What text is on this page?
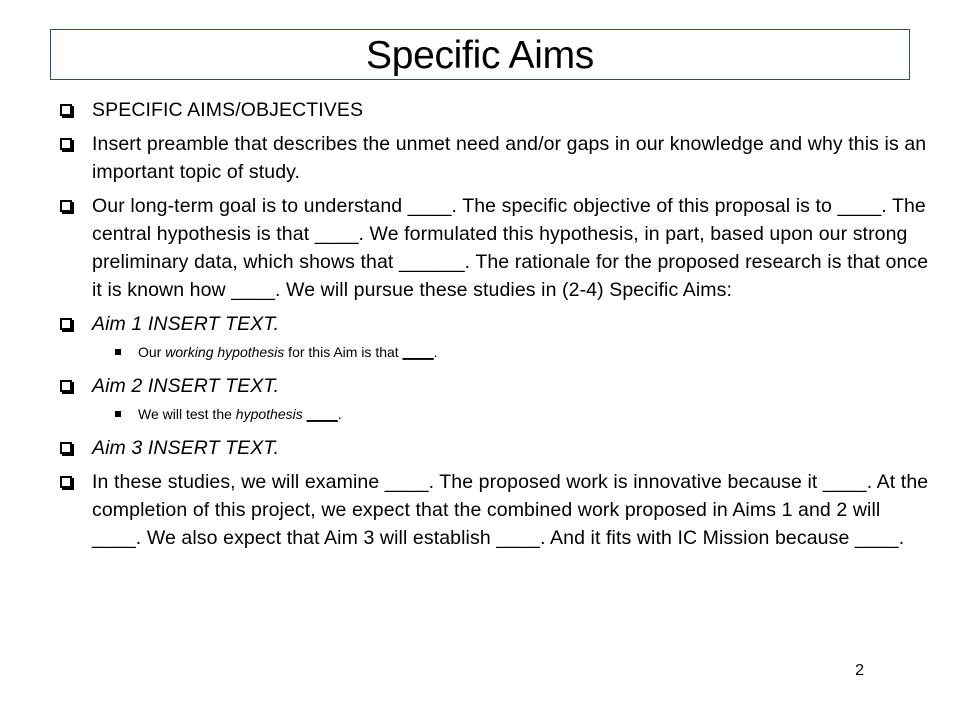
Specific Aims
SPECIFIC AIMS/OBJECTIVES
Insert preamble that describes the unmet need and/or gaps in our knowledge and why this is an important topic of study.
Our long-term goal is to understand ____. The specific objective of this proposal is to ____. The central hypothesis is that ____. We formulated this hypothesis, in part, based upon our strong preliminary data, which shows that ______. The rationale for the proposed research is that once it is known how ____. We will pursue these studies in (2-4) Specific Aims:
Aim 1 INSERT TEXT.
Our working hypothesis for this Aim is that ____.
Aim 2 INSERT TEXT.
We will test the hypothesis ____.
Aim 3 INSERT TEXT.
In these studies, we will examine ____. The proposed work is innovative because it ____. At the completion of this project, we expect that the combined work proposed in Aims 1 and 2 will ____. We also expect that Aim 3 will establish ____. And it fits with IC Mission because ____.
2
